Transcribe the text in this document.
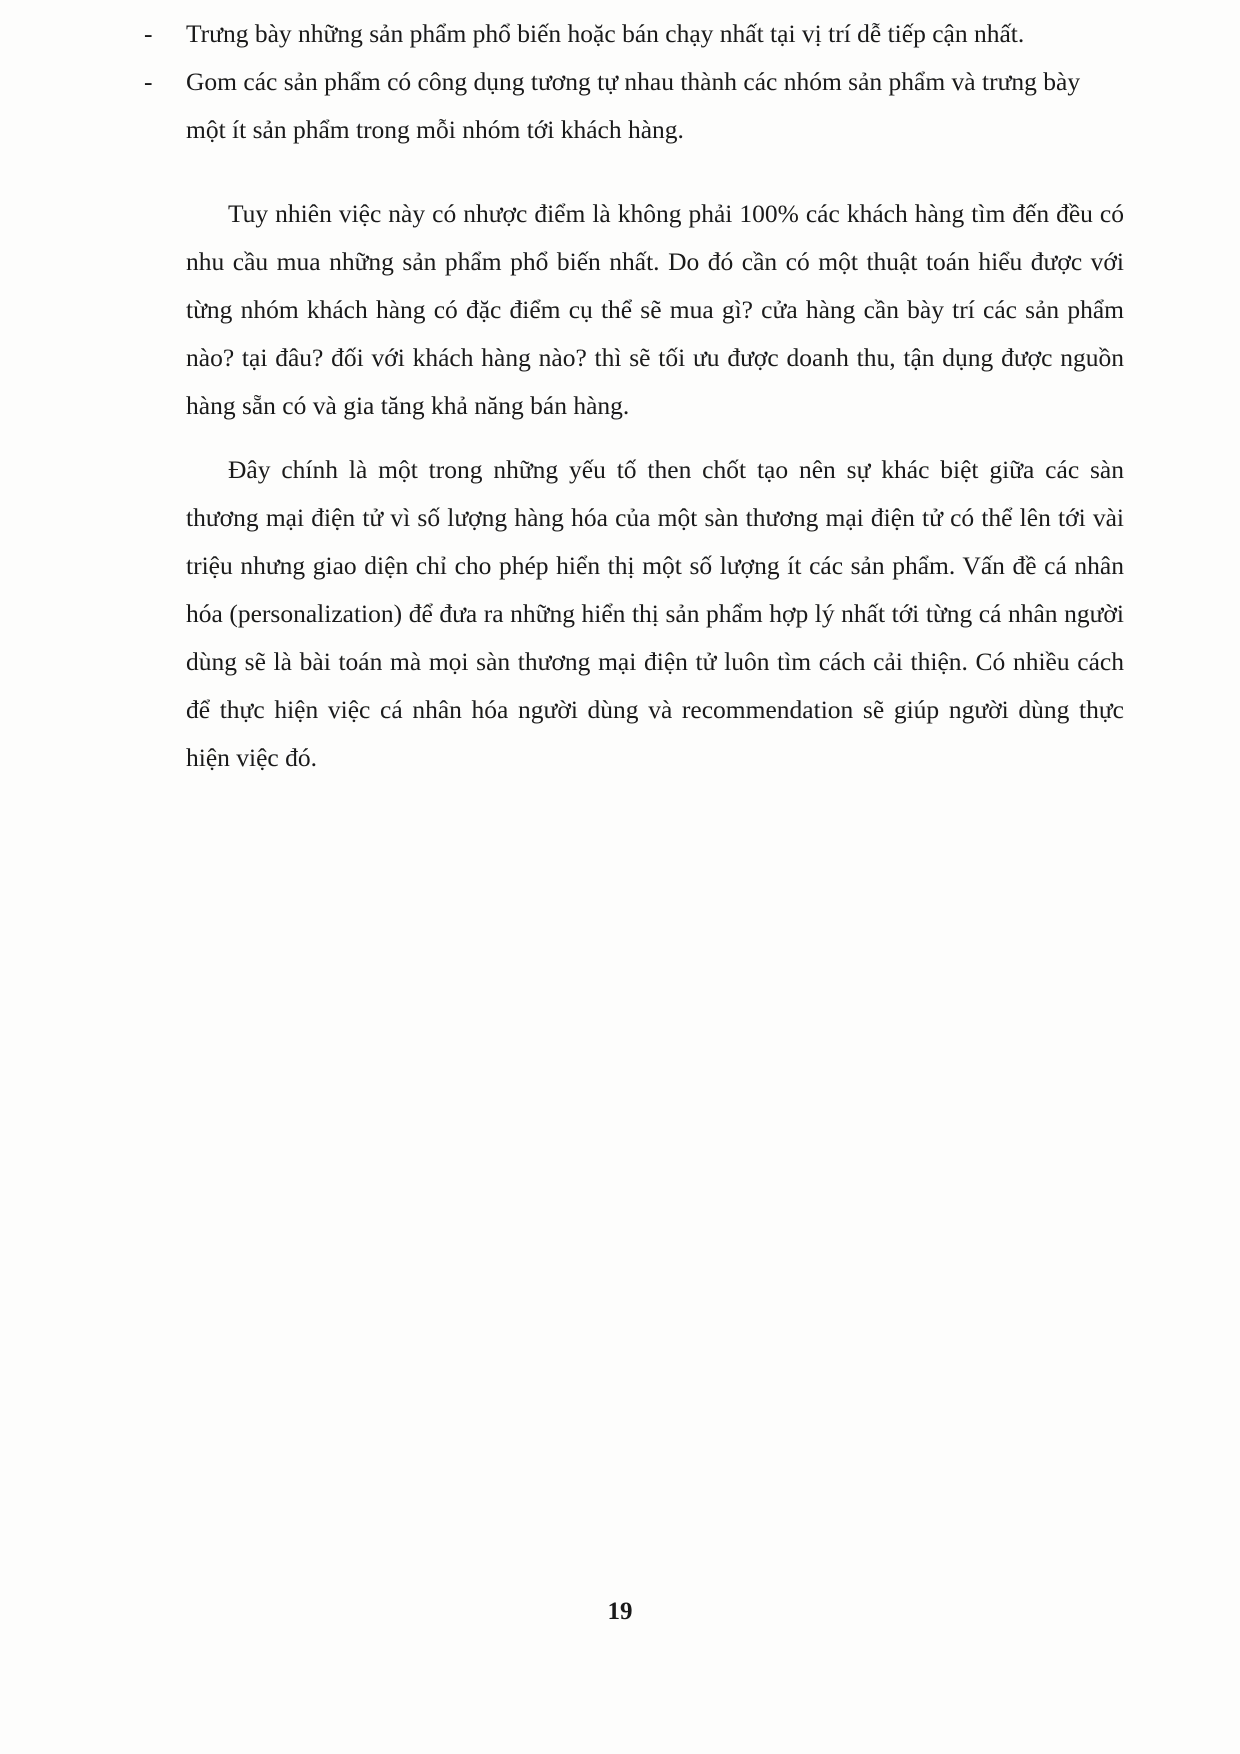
-	Trưng bày những sản phẩm phổ biến hoặc bán chạy nhất tại vị trí dễ tiếp cận nhất.
-	Gom các sản phẩm có công dụng tương tự nhau thành các nhóm sản phẩm và trưng bày một ít sản phẩm trong mỗi nhóm tới khách hàng.

Tuy nhiên việc này có nhược điểm là không phải 100% các khách hàng tìm đến đều có nhu cầu mua những sản phẩm phổ biến nhất. Do đó cần có một thuật toán hiểu được với từng nhóm khách hàng có đặc điểm cụ thể sẽ mua gì? cửa hàng cần bày trí các sản phẩm nào? tại đâu? đối với khách hàng nào? thì sẽ tối ưu được doanh thu, tận dụng được nguồn hàng sẵn có và gia tăng khả năng bán hàng.

Đây chính là một trong những yếu tố then chốt tạo nên sự khác biệt giữa các sàn thương mại điện tử vì số lượng hàng hóa của một sàn thương mại điện tử có thể lên tới vài triệu nhưng giao diện chỉ cho phép hiển thị một số lượng ít các sản phẩm. Vấn đề cá nhân hóa (personalization) để đưa ra những hiển thị sản phẩm hợp lý nhất tới từng cá nhân người dùng sẽ là bài toán mà mọi sàn thương mại điện tử luôn tìm cách cải thiện. Có nhiều cách để thực hiện việc cá nhân hóa người dùng và recommendation sẽ giúp người dùng thực hiện việc đó.

19
